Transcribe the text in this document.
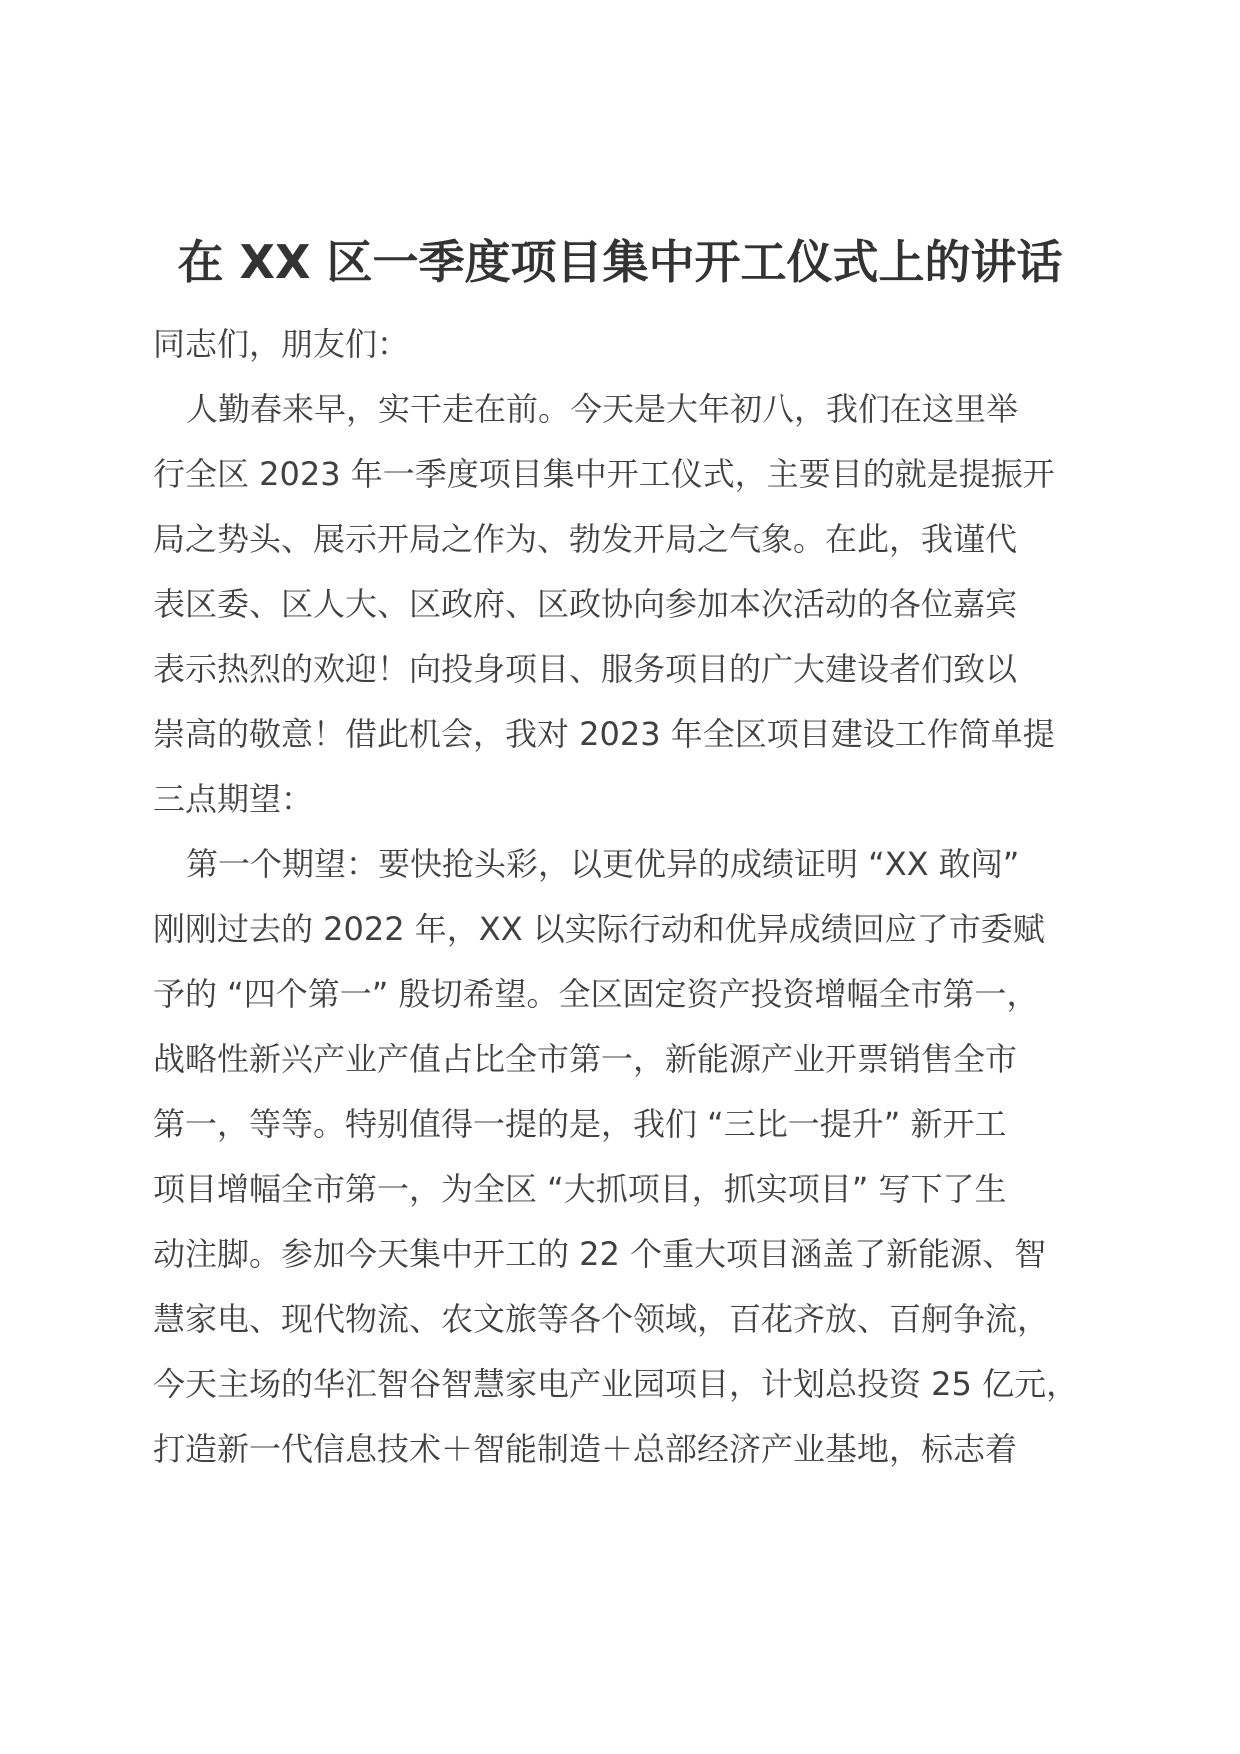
在 XX 区一季度项目集中开工仪式上的讲话
同志们，朋友们：
人勤春来早，实干走在前。今天是大年初八，我们在这里举
行全区 2023 年一季度项目集中开工仪式，主要目的就是提振开
局之势头、展示开局之作为、勃发开局之气象。在此，我谨代
表区委、区人大、区政府、区政协向参加本次活动的各位嘉宾
表示热烈的欢迎！向投身项目、服务项目的广大建设者们致以
崇高的敬意！借此机会，我对 2023 年全区项目建设工作简单提
三点期望：
第一个期望：要快抢头彩，以更优异的成绩证明 “XX 敢闯”
刚刚过去的 2022 年，XX 以实际行动和优异成绩回应了市委赋
予的 “四个第一” 殷切希望。全区固定资产投资增幅全市第一，
战略性新兴产业产值占比全市第一，新能源产业开票销售全市
第一，等等。特别值得一提的是，我们 “三比一提升” 新开工
项目增幅全市第一，为全区 “大抓项目，抓实项目” 写下了生
动注脚。参加今天集中开工的 22 个重大项目涵盖了新能源、智
慧家电、现代物流、农文旅等各个领域，百花齐放、百舸争流，
今天主场的华汇智谷智慧家电产业园项目，计划总投资 25 亿元，
打造新一代信息技术＋智能制造＋总部经济产业基地，标志着
